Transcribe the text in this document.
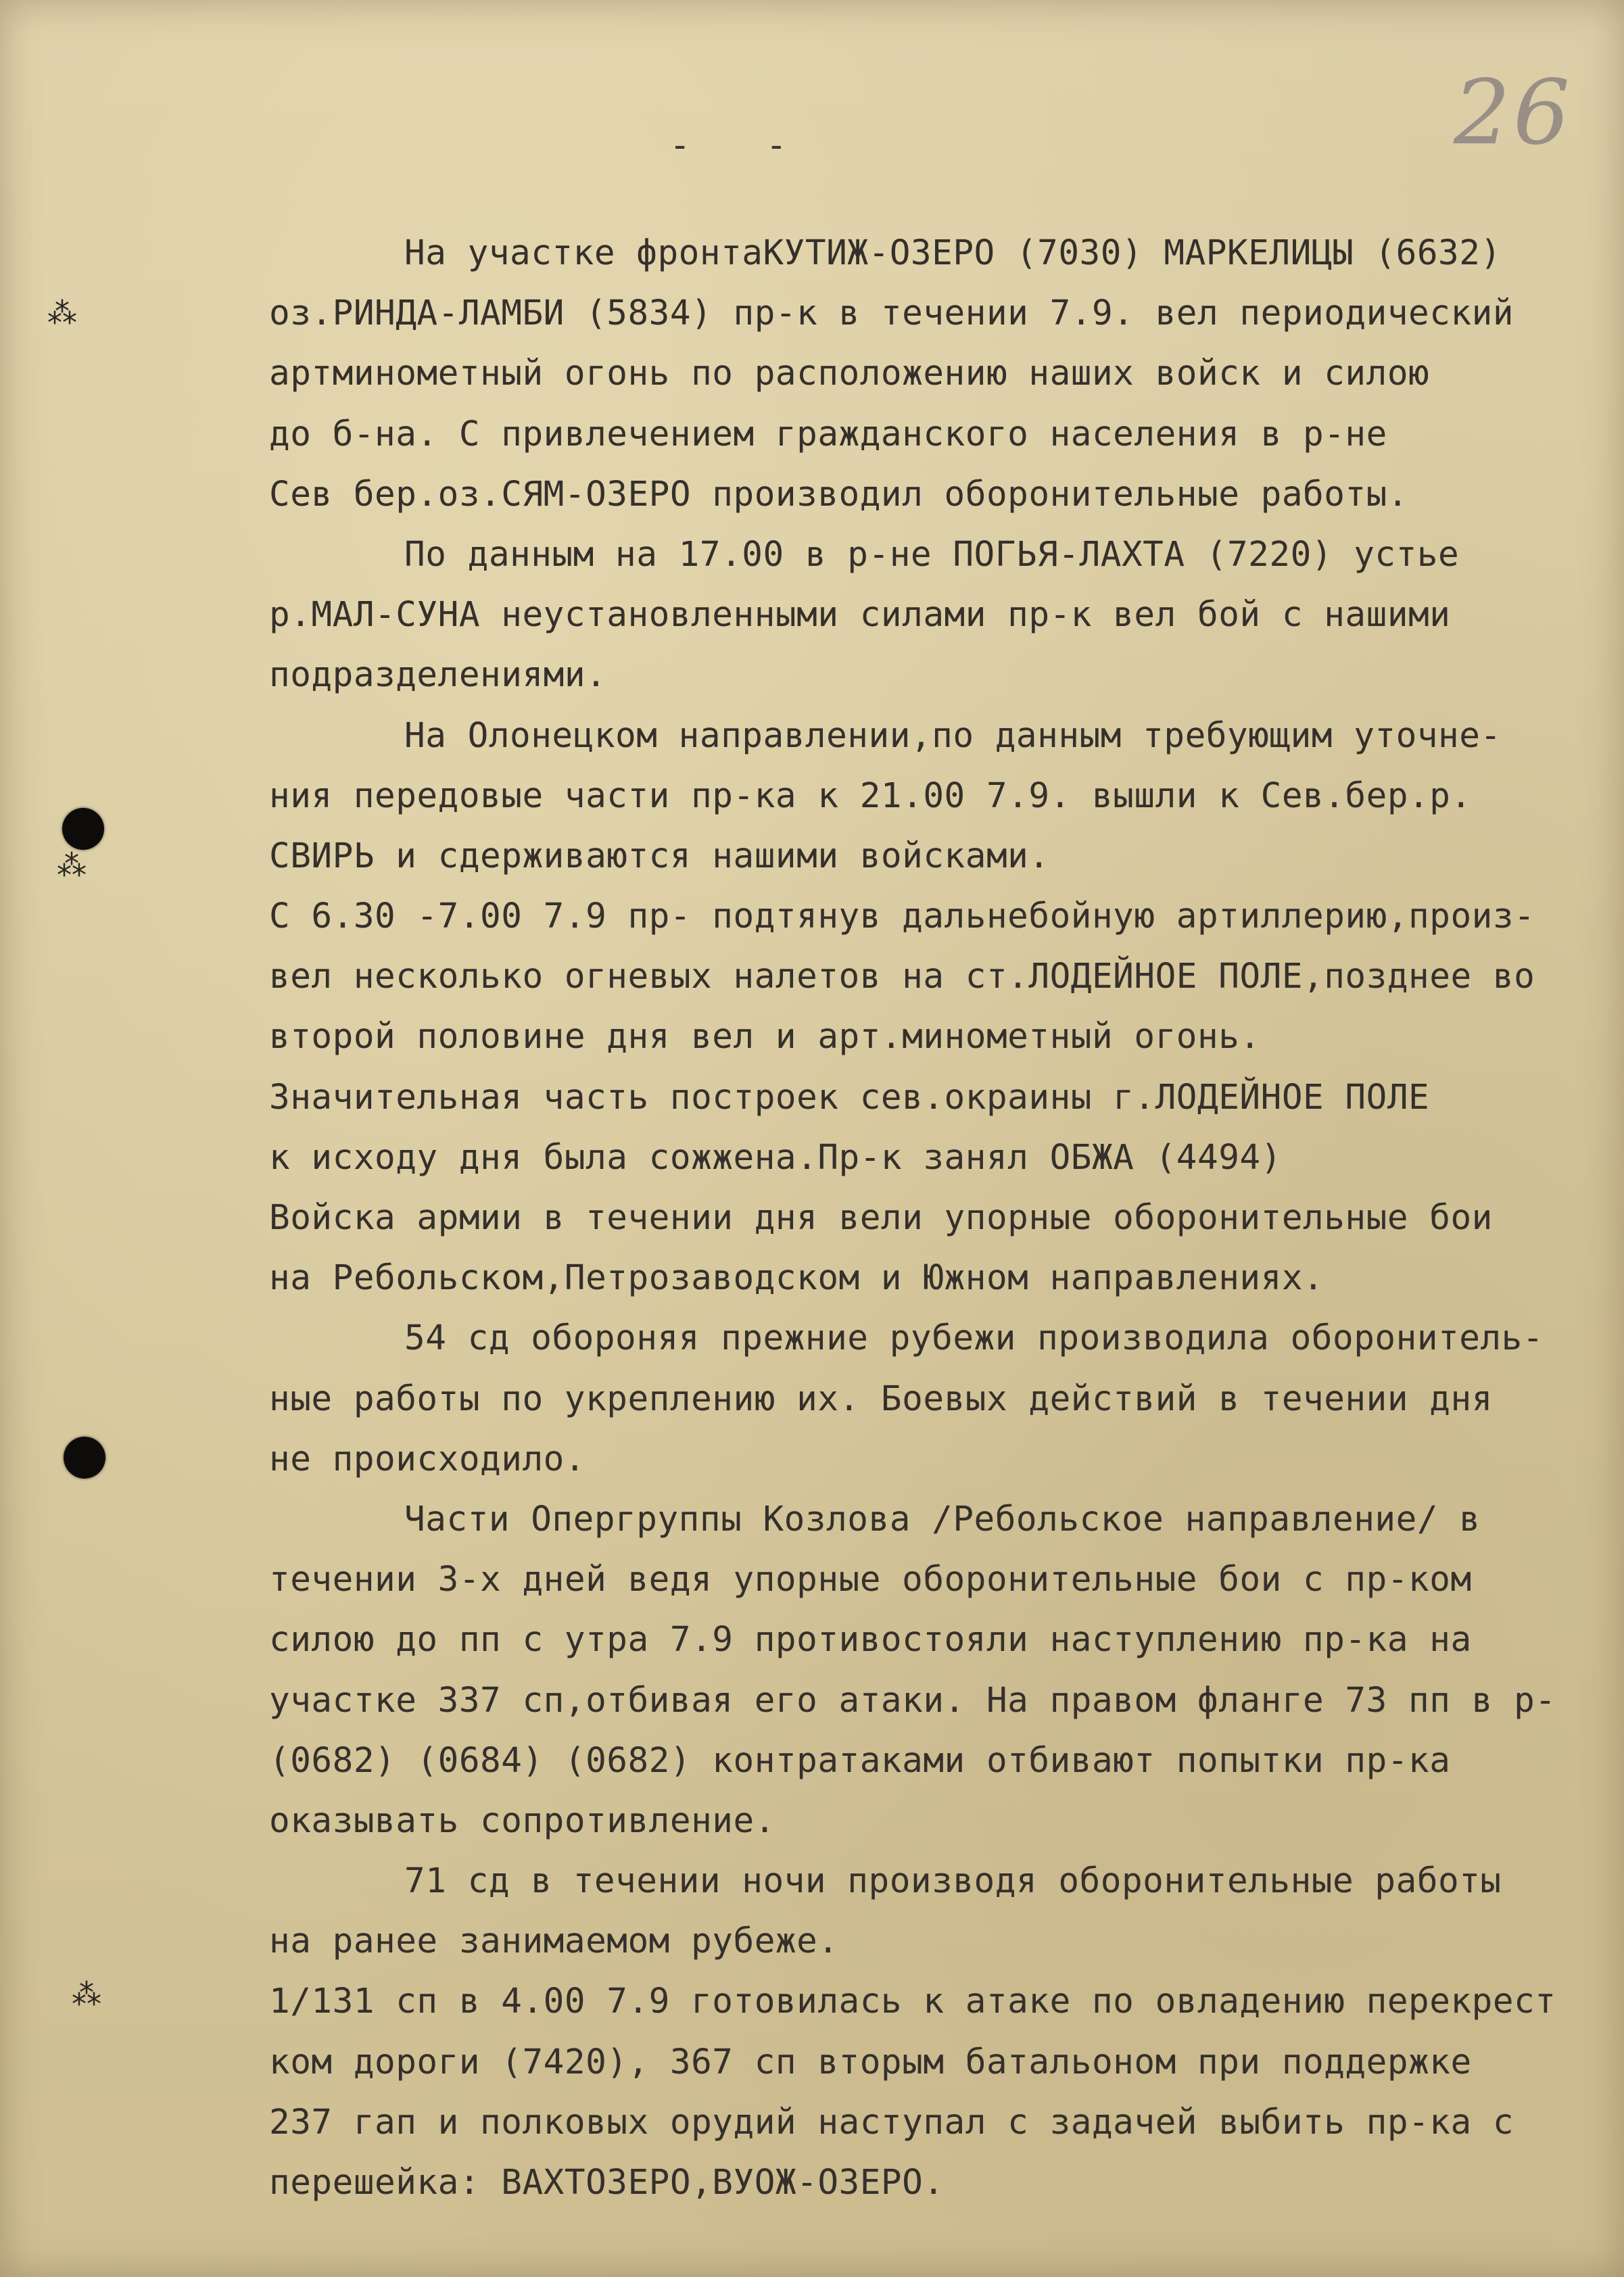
26
- -
⁂
⁂
⁂
На участке фронтаКУТИЖ-ОЗЕРО (7030) МАРКЕЛИЦЫ (6632)
оз.РИНДА-ЛАМБИ (5834) пр-к в течении 7.9. вел периодический
артминометный огонь по расположению наших войск и силою
до б-на. С привлечением гражданского населения в р-не
Сев бер.оз.СЯМ-ОЗЕРО производил оборонительные работы.
По данным на 17.00 в р-не ПОГЬЯ-ЛАХТА (7220) устье
р.МАЛ-СУНА неустановленными силами пр-к вел бой с нашими
подразделениями.
На Олонецком направлении,по данным требующим уточне-
ния передовые части пр-ка к 21.00 7.9. вышли к Сев.бер.р.
СВИРЬ и сдерживаются нашими войсками.
С 6.30 -7.00 7.9 пр- подтянув дальнебойную артиллерию,произ-
вел несколько огневых налетов на ст.ЛОДЕЙНОЕ ПОЛЕ,позднее во
второй половине дня вел и арт.минометный огонь.
Значительная часть построек сев.окраины г.ЛОДЕЙНОЕ ПОЛЕ
к исходу дня была сожжена.Пр-к занял ОБЖА (4494)
Войска армии в течении дня вели упорные оборонительные бои
на Ребольском,Петрозаводском и Южном направлениях.
54 сд обороняя прежние рубежи производила оборонитель-
ные работы по укреплению их. Боевых действий в течении дня
не происходило.
Части Опергруппы Козлова /Ребольское направление/ в
течении 3-х дней ведя упорные оборонительные бои с пр-ком
силою до пп с утра 7.9 противостояли наступлению пр-ка на
участке 337 сп,отбивая его атаки. На правом фланге 73 пп в р-
(0682) (0684) (0682) контратаками отбивают попытки пр-ка
оказывать сопротивление.
71 сд в течении ночи производя оборонительные работы
на ранее занимаемом рубеже.
1/131 сп в 4.00 7.9 готовилась к атаке по овладению перекрест
ком дороги (7420), 367 сп вторым батальоном при поддержке
237 гап и полковых орудий наступал с задачей выбить пр-ка с
перешейка: ВАХТОЗЕРО,ВУОЖ-ОЗЕРО.
